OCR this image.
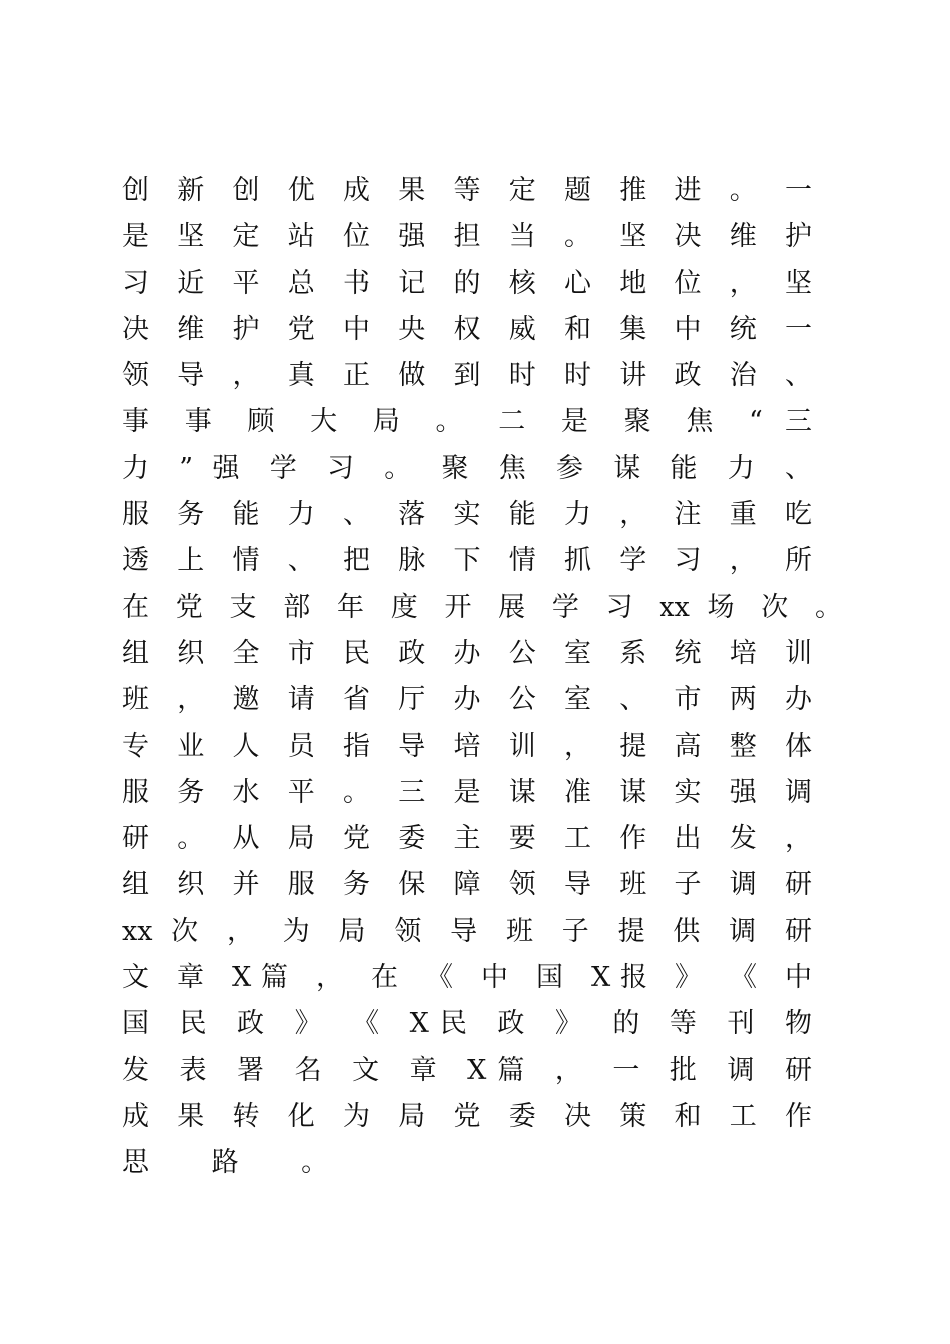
创 新 创 优 成 果 等 定 题 推 进 。 一
是 坚 定 站 位 强 担 当 。 坚 决 维 护
习 近 平 总 书 记 的 核 心 地 位 ， 坚
决 维 护 党 中 央 权 威 和 集 中 统 一
领 导 ， 真 正 做 到 时 时 讲 政 治 、
事 事 顾 大 局 。 二 是 聚 焦 “ 三
力 ” 强 学 习 。 聚 焦 参 谋 能 力 、
服 务 能 力 、 落 实 能 力 ， 注 重 吃
透 上 情 、 把 脉 下 情 抓 学 习 ， 所
在 党 支 部 年 度 开 展 学 习 xx 场 次 。
组 织 全 市 民 政 办 公 室 系 统 培 训
班 ， 邀 请 省 厅 办 公 室 、 市 两 办
专 业 人 员 指 导 培 训 ， 提 高 整 体
服 务 水 平 。 三 是 谋 准 谋 实 强 调
研 。 从 局 党 委 主 要 工 作 出 发 ，
组 织 并 服 务 保 障 领 导 班 子 调 研
xx 次 ， 为 局 领 导 班 子 提 供 调 研
文 章 X篇 ， 在 《 中 国 X报 》 《 中
国 民 政 》 《 X民 政 》 的 等 刊 物
发 表 署 名 文 章 X篇 ， 一 批 调 研
成 果 转 化 为 局 党 委 决 策 和 工 作
思 路 。
